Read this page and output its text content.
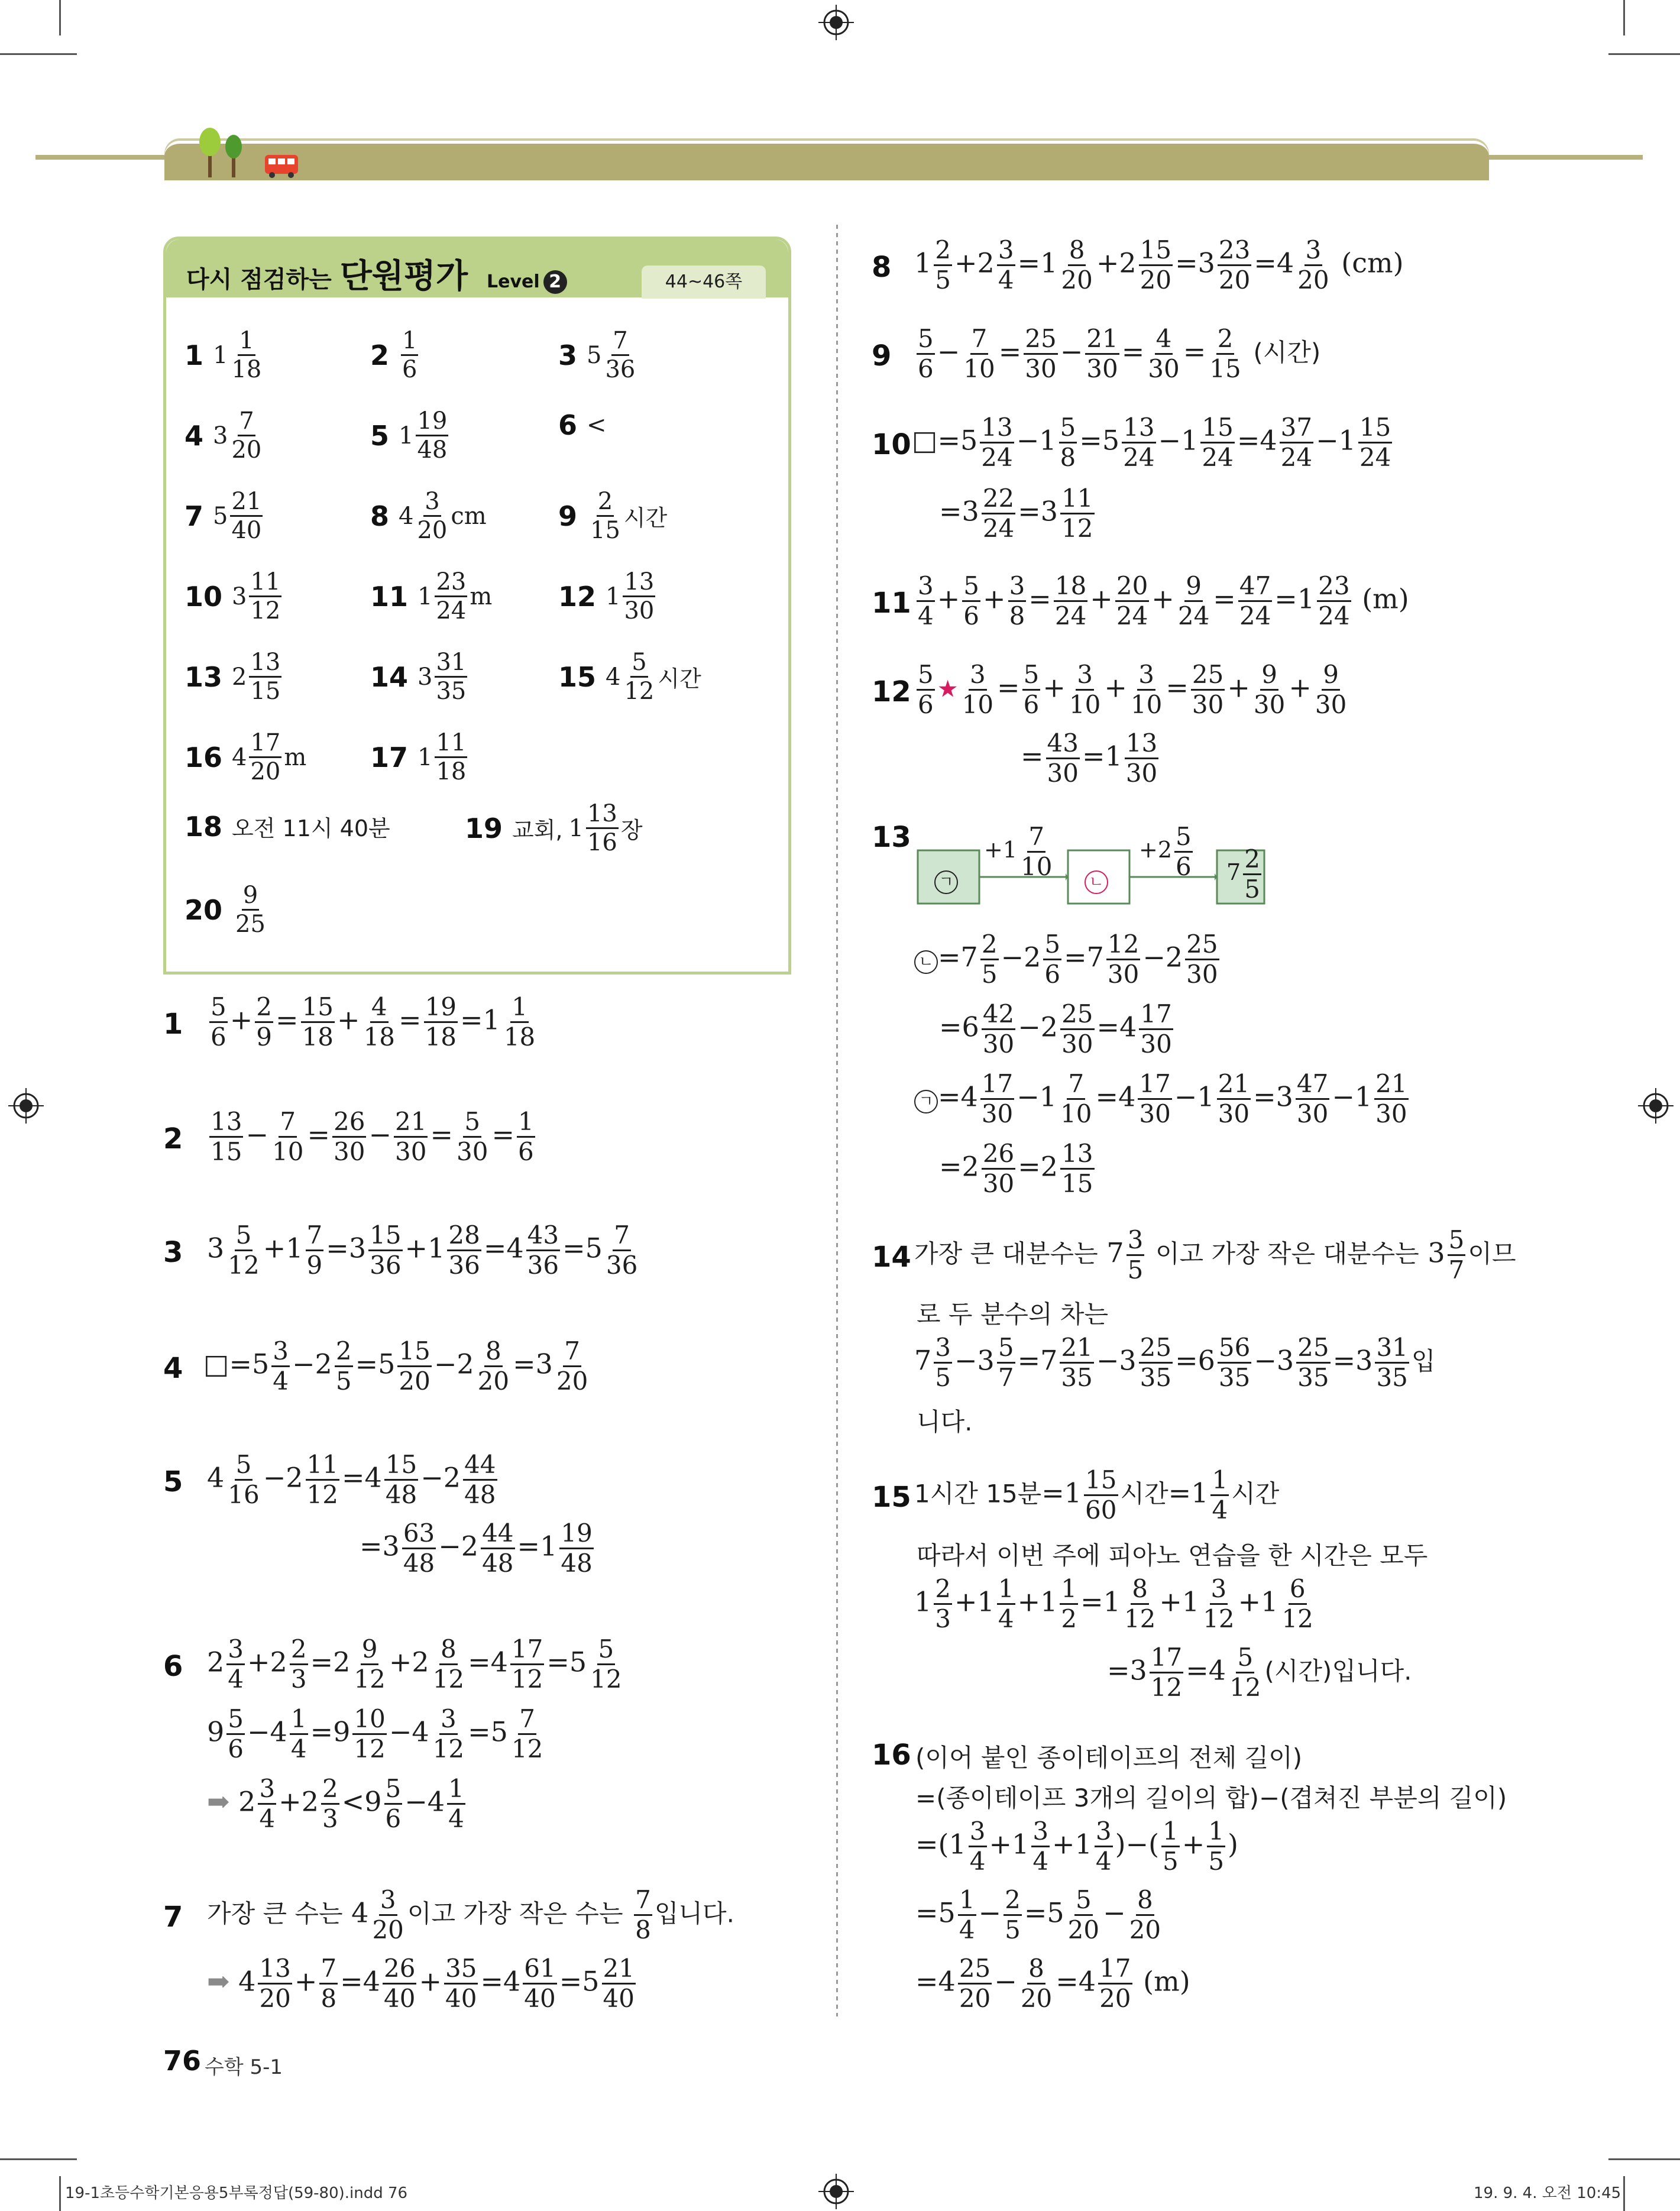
다시 점검하는 단원평가 Level 2	44~46쪽
1 $1 \frac{1}{18}$	$2 \frac{1}{6}$	3 $5 \frac{7}{36}$
4 $3 \frac{7}{20}$	5 $1 \frac{19}{48}$	6 <
7 $5 \frac{21}{40}$	8 $4 \frac{3}{20}$ cm	$9 \frac{2}{15}$ 시간
10 $3 \frac{11}{12}$	11 $1 \frac{23}{24}$ m 12 $1 \frac{13}{30}$
13 $2 \frac{13}{15}$	14 $3 \frac{31}{35}$	15 $4 \frac{5}{12}$ 시간
16 $4 \frac{17}{20}$ m 17 $1 \frac{11}{18}$
18 오전 11시 40분	19 교회, $1 \frac{13}{16}$ 장
$20 \frac{9}{25}$
$1 \frac{5}{6} + \frac{2}{9} = \frac{15}{18} + \frac{4}{18} = \frac{19}{18} =1 \frac{1}{18}$
$2 \frac{13}{15} - \frac{7}{10} = \frac{26}{30} - \frac{21}{30} = \frac{5}{30} = \frac{1}{6}$
3 $3 \frac{5}{12} +1 \frac{7}{9} =3 \frac{15}{36} +1 \frac{28}{36} =4 \frac{43}{36} =5 \frac{7}{36}$
4 □=5 $\frac{3}{4} -2 \frac{2}{5} =5 \frac{15}{20} -2 \frac{8}{20} =3 \frac{7}{20}$
5 $4 \frac{5}{16} -2 \frac{11}{12} =4 \frac{15}{48} -2 \frac{44}{48}$
$=3 \frac{63}{48} -2 \frac{44}{48} =1 \frac{19}{48}$
6 $2 \frac{3}{4} +2 \frac{2}{3} =2 \frac{9}{12} +2 \frac{8}{12} =4 \frac{17}{12} =5 \frac{5}{12}$
$9 \frac{5}{6} -4 \frac{1}{4} =9 \frac{10}{12} -4 \frac{3}{12} =5 \frac{7}{12}$
➡ $2 \frac{3}{4} +2 \frac{2}{3} <9 \frac{5}{6} -4 \frac{1}{4}$
7 가장 큰 수는 $4 \frac{3}{20}$ 이고 가장 작은 수는 $\frac{7}{8}$ 입니다.
➡ $4 \frac{13}{20} + \frac{7}{8} =4 \frac{26}{40} + \frac{35}{40} =4 \frac{61}{40} =5 \frac{21}{40}$
76 수학 5-1
19-1초등수학기본응용5부록정답(59-80).indd 76	19. 9. 4. 오전 10:45
8 $1 \frac{2}{5} +2 \frac{3}{4} =1 \frac{8}{20} +2 \frac{15}{20} =3 \frac{23}{20} =4 \frac{3}{20} (cm)$
$9 \frac{5}{6} - \frac{7}{10} = \frac{25}{30} - \frac{21}{30} = \frac{4}{30} = \frac{2}{15}$ (시간)
10 □=5 $\frac{13}{24} -1 \frac{5}{8} =5 \frac{13}{24} -1 \frac{15}{24} =4 \frac{37}{24} -1 \frac{15}{24}$
$=3 \frac{22}{24} =3 \frac{11}{12}$
$11 \frac{3}{4} + \frac{5}{6} + \frac{3}{8} = \frac{18}{24} + \frac{20}{24} + \frac{9}{24} = \frac{47}{24} =1 \frac{23}{24} (m)$
$12 \frac{5}{6}$ ★ $\frac{3}{10} = \frac{5}{6} + \frac{3}{10} + \frac{3}{10} = \frac{25}{30} + \frac{9}{30} + \frac{9}{30}$
= $\frac{43}{30} =1 \frac{13}{30}$
13
ㄱ	ㄴ	$7 \frac{2}{5}$
$+1 \frac{7}{10}$	$+2 \frac{5}{6}$
ㄴ $=7 \frac{2}{5} -2 \frac{5}{6} =7 \frac{12}{30} -2 \frac{25}{30}$
$=6 \frac{42}{30} -2 \frac{25}{30} =4 \frac{17}{30}$
ㄱ $=4 \frac{17}{30} -1 \frac{7}{10} =4 \frac{17}{30} -1 \frac{21}{30} =3 \frac{47}{30} -1 \frac{21}{30}$
$=2 \frac{26}{30} =2 \frac{13}{15}$
14 가장 큰 대분수는 $7 \frac{3}{5}$ 이고 가장 작은 대분수는 $3 \frac{5}{7}$ 이므
로 두 분수의 차는
$7 \frac{3}{5} -3 \frac{5}{7} =7 \frac{21}{35} -3 \frac{25}{35} =6 \frac{56}{35} -3 \frac{25}{35} =3 \frac{31}{35}$ 입
니다.
15 1시간 15분$=1 \frac{15}{60}$ 시간$=1 \frac{1}{4}$ 시간
따라서 이번 주에 피아노 연습을 한 시간은 모두
$1 \frac{2}{3} +1 \frac{1}{4} +1 \frac{1}{2} =1 \frac{8}{12} +1 \frac{3}{12} +1 \frac{6}{12}$
$=3 \frac{17}{12} =4 \frac{5}{12}$ (시간)입니다.
16 (이어 붙인 종이테이프의 전체 길이)
=(종이테이프 3개의 길이의 합)−(겹쳐진 부분의 길이)
$=(1 \frac{3}{4} +1 \frac{3}{4} +1 \frac{3}{4}$ )−( $\frac{1}{5} + \frac{1}{5}$ )
$=5 \frac{1}{4} - \frac{2}{5} =5 \frac{5}{20} - \frac{8}{20}$
$=4 \frac{25}{20} - \frac{8}{20} =4 \frac{17}{20} (m)$
